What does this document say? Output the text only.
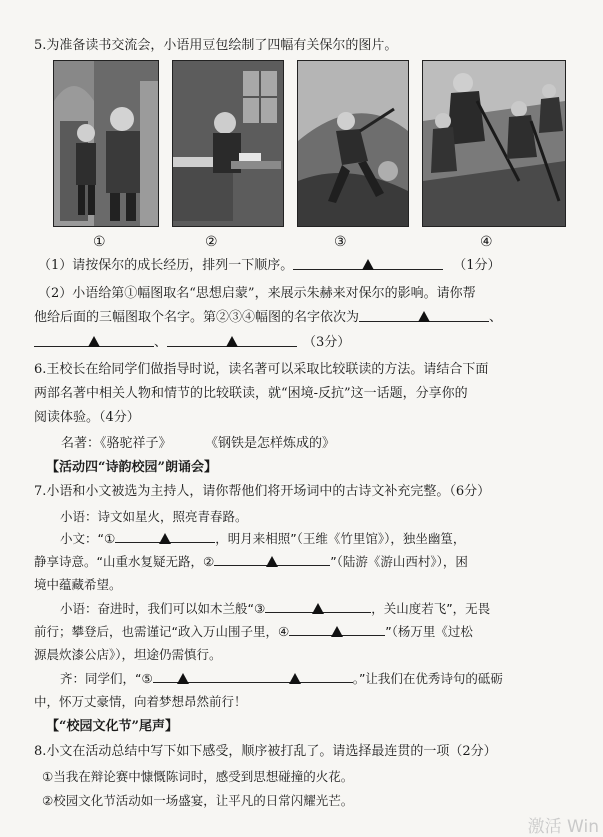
5.为准备读书交流会，小语用豆包绘制了四幅有关保尔的图片。
①	②	③	④
（1）请按保尔的成长经历，排列一下顺序。	（1分）
（2）小语给第①幅图取名“思想启蒙”，来展示朱赫来对保尔的影响。请你帮
他给后面的三幅图取个名字。第②③④幅图的名字依次为	、
、	（3分）
6.王校长在给同学们做指导时说，读名著可以采取比较联读的方法。请结合下面
两部名著中相关人物和情节的比较联读，就“困境-反抗”这一话题，分享你的
阅读体验。（4分）
名著：《骆驼祥子》	《钢铁是怎样炼成的》
【活动四“诗韵校园”朗诵会】
7.小语和小文被选为主持人，请你帮他们将开场词中的古诗文补充完整。（6分）
小语：诗文如星火，照亮青春路。
小文：“①	，明月来相照”（王维《竹里馆》），独坐幽篁，
静享诗意。“山重水复疑无路，②	”（陆游《游山西村》），困
境中蕴藏希望。
小语：奋进时，我们可以如木兰般“③	，关山度若飞”，无畏
前行；攀登后，也需谨记“政入万山围子里，④	”（杨万里《过松
源晨炊漆公店》），坦途仍需慎行。
齐：同学们，“⑤	。”让我们在优秀诗句的砥砺
中，怀万丈豪情，向着梦想昂然前行！
【“校园文化节”尾声】
8.小文在活动总结中写下如下感受，顺序被打乱了。请选择最连贯的一项（2分）
①当我在辩论赛中慷慨陈词时，感受到思想碰撞的火花。
②校园文化节活动如一场盛宴，让平凡的日常闪耀光芒。
激活 Win
